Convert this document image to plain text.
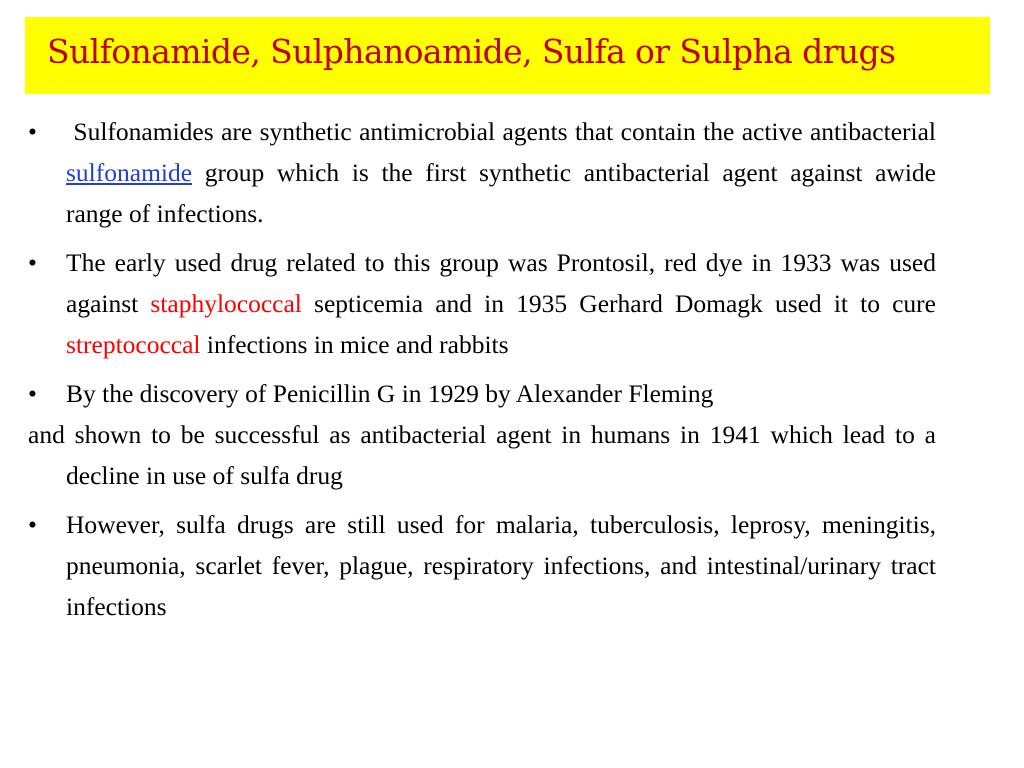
Sulfonamide, Sulphanoamide, Sulfa or Sulpha drugs

• Sulfonamides are synthetic antimicrobial agents that contain the active antibacterial sulfonamide group which is the first synthetic antibacterial agent against awide range of infections.

• The early used drug related to this group was Prontosil, red dye in 1933 was used against staphylococcal septicemia and in 1935 Gerhard Domagk used it to cure streptococcal infections in mice and rabbits

• By the discovery of Penicillin G in 1929 by Alexander Fleming

and shown to be successful as antibacterial agent in humans in 1941 which lead to a decline in use of sulfa drug

• However, sulfa drugs are still used for malaria, tuberculosis, leprosy, meningitis, pneumonia, scarlet fever, plague, respiratory infections, and intestinal/urinary tract infections
